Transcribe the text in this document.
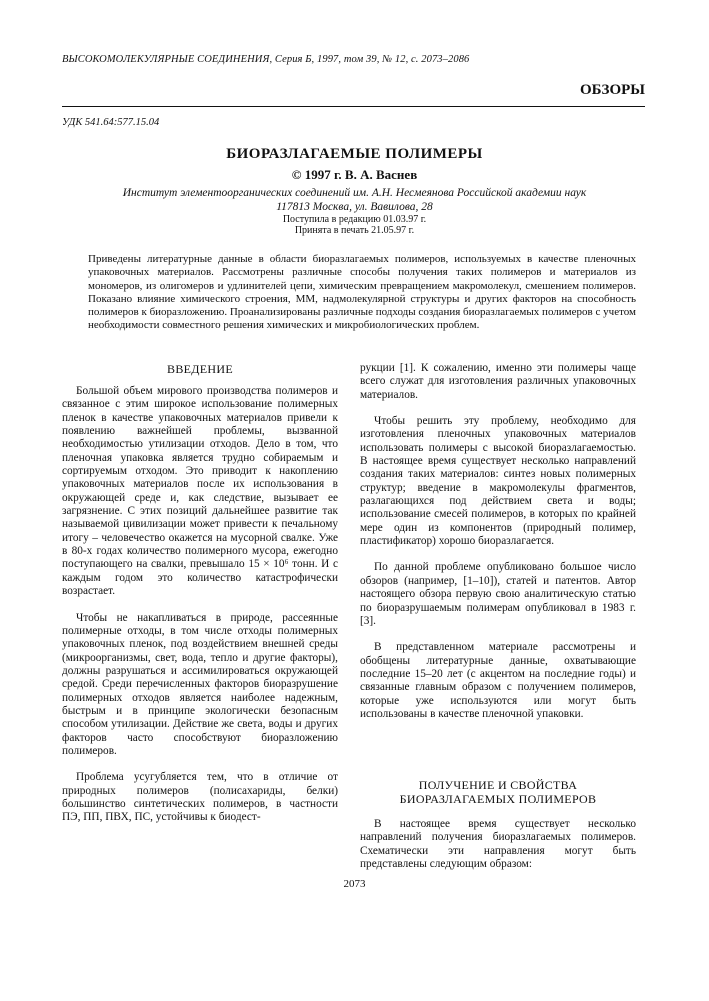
ВЫСОКОМОЛЕКУЛЯРНЫЕ СОЕДИНЕНИЯ, Серия Б, 1997, том 39, № 12, с. 2073–2086
ОБЗОРЫ
УДК 541.64:577.15.04
БИОРАЗЛАГАЕМЫЕ ПОЛИМЕРЫ
© 1997 г. В. А. Васнев
Институт элементоорганических соединений им. А.Н. Несмеянова Российской академии наук
117813 Москва, ул. Вавилова, 28
Поступила в редакцию 01.03.97 г.
Принята в печать 21.05.97 г.
Приведены литературные данные в области биоразлагаемых полимеров, используемых в качестве пленочных упаковочных материалов. Рассмотрены различные способы получения таких полимеров и материалов из мономеров, из олигомеров и удлинителей цепи, химическим превращением макромолекул, смешением полимеров. Показано влияние химического строения, ММ, надмолекулярной структуры и других факторов на способность полимеров к биоразложению. Проанализированы различные подходы создания биоразлагаемых полимеров с учетом необходимости совместного решения химических и микробиологических проблем.
ВВЕДЕНИЕ

Большой объем мирового производства полимеров и связанное с этим широкое использование полимерных пленок в качестве упаковочных материалов привели к появлению важнейшей проблемы, вызванной необходимостью утилизации отходов. Дело в том, что пленочная упаковка является трудно собираемым и сортируемым отходом. Это приводит к накоплению упаковочных материалов после их использования в окружающей среде и, как следствие, вызывает ее загрязнение. С этих позиций дальнейшее развитие так называемой цивилизации может привести к печальному итогу – человечество окажется на мусорной свалке. Уже в 80-х годах количество полимерного мусора, ежегодно поступающего на свалки, превышало 15 × 10⁶ тонн. И с каждым годом это количество катастрофически возрастает.

Чтобы не накапливаться в природе, рассеянные полимерные отходы, в том числе отходы полимерных упаковочных пленок, под воздействием внешней среды (микроорганизмы, свет, вода, тепло и другие факторы), должны разрушаться и ассимилироваться окружающей средой. Среди перечисленных факторов биоразрушение полимерных отходов является наиболее надежным, быстрым и в принципе экологически безопасным способом утилизации. Действие же света, воды и других факторов часто способствуют биоразложению полимеров.

Проблема усугубляется тем, что в отличие от природных полимеров (полисахариды, белки) большинство синтетических полимеров, в частности ПЭ, ПП, ПВХ, ПС, устойчивы к биодест-

рукции [1]. К сожалению, именно эти полимеры чаще всего служат для изготовления различных упаковочных материалов.

Чтобы решить эту проблему, необходимо для изготовления пленочных упаковочных материалов использовать полимеры с высокой биоразлагаемостью. В настоящее время существует несколько направлений создания таких материалов: синтез новых полимерных структур; введение в макромолекулы фрагментов, разлагающихся под действием света и воды; использование смесей полимеров, в которых по крайней мере один из компонентов (природный полимер, пластификатор) хорошо биоразлагается.

По данной проблеме опубликовано большое число обзоров (например, [1–10]), статей и патентов. Автор настоящего обзора первую свою аналитическую статью по биоразрушаемым полимерам опубликовал в 1983 г. [3].

В представленном материале рассмотрены и обобщены литературные данные, охватывающие последние 15–20 лет (с акцентом на последние годы) и связанные главным образом с получением полимеров, которые уже используются или могут быть использованы в качестве пленочной упаковки.

ПОЛУЧЕНИЕ И СВОЙСТВА
БИОРАЗЛАГАЕМЫХ ПОЛИМЕРОВ

В настоящее время существует несколько направлений получения биоразлагаемых полимеров. Схематически эти направления могут быть представлены следующим образом:

2073
